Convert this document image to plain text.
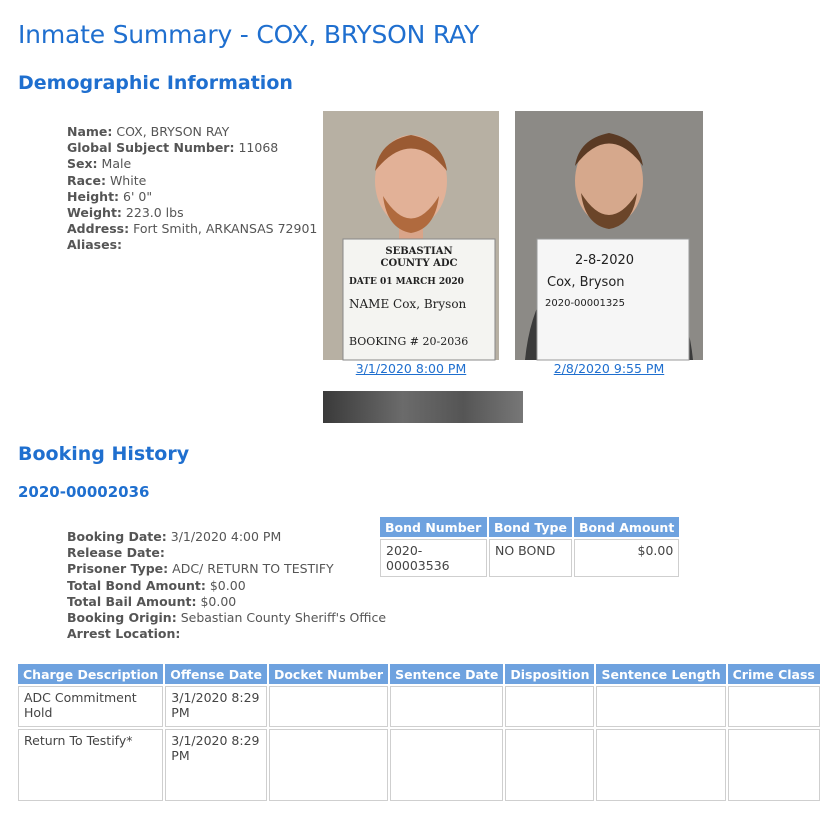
Inmate Summary - COX, BRYSON RAY
Demographic Information
Name: COX, BRYSON RAY
Global Subject Number: 11068
Sex: Male
Race: White
Height: 6' 0"
Weight: 223.0 lbs
Address: Fort Smith, ARKANSAS 72901
Aliases:	SEBASTIAN
COUNTY ADC
DATE 01 MARCH 2020
NAME Cox, Bryson
BOOKING # 20-2036
3/1/2020 8:00 PM
2-8-2020
Cox, Bryson
2020-00001325
2/8/2020 9:55 PM
Booking History
2020-00002036
Booking Date: 3/1/2020 4:00 PM
Release Date:
Prisoner Type: ADC/ RETURN TO TESTIFY
Total Bond Amount: $0.00
Total Bail Amount: $0.00
Booking Origin: Sebastian County Sheriff's Office
Arrest Location:
Bond Number	Bond Type	Bond Amount
2020-00003536	NO BOND	$0.00
Charge Description	Offense Date	Docket Number	Sentence Date	Disposition	Sentence Length	Crime Class
ADC Commitment Hold	3/1/2020 8:29 PM					
Return To Testify*	3/1/2020 8:29 PM					
